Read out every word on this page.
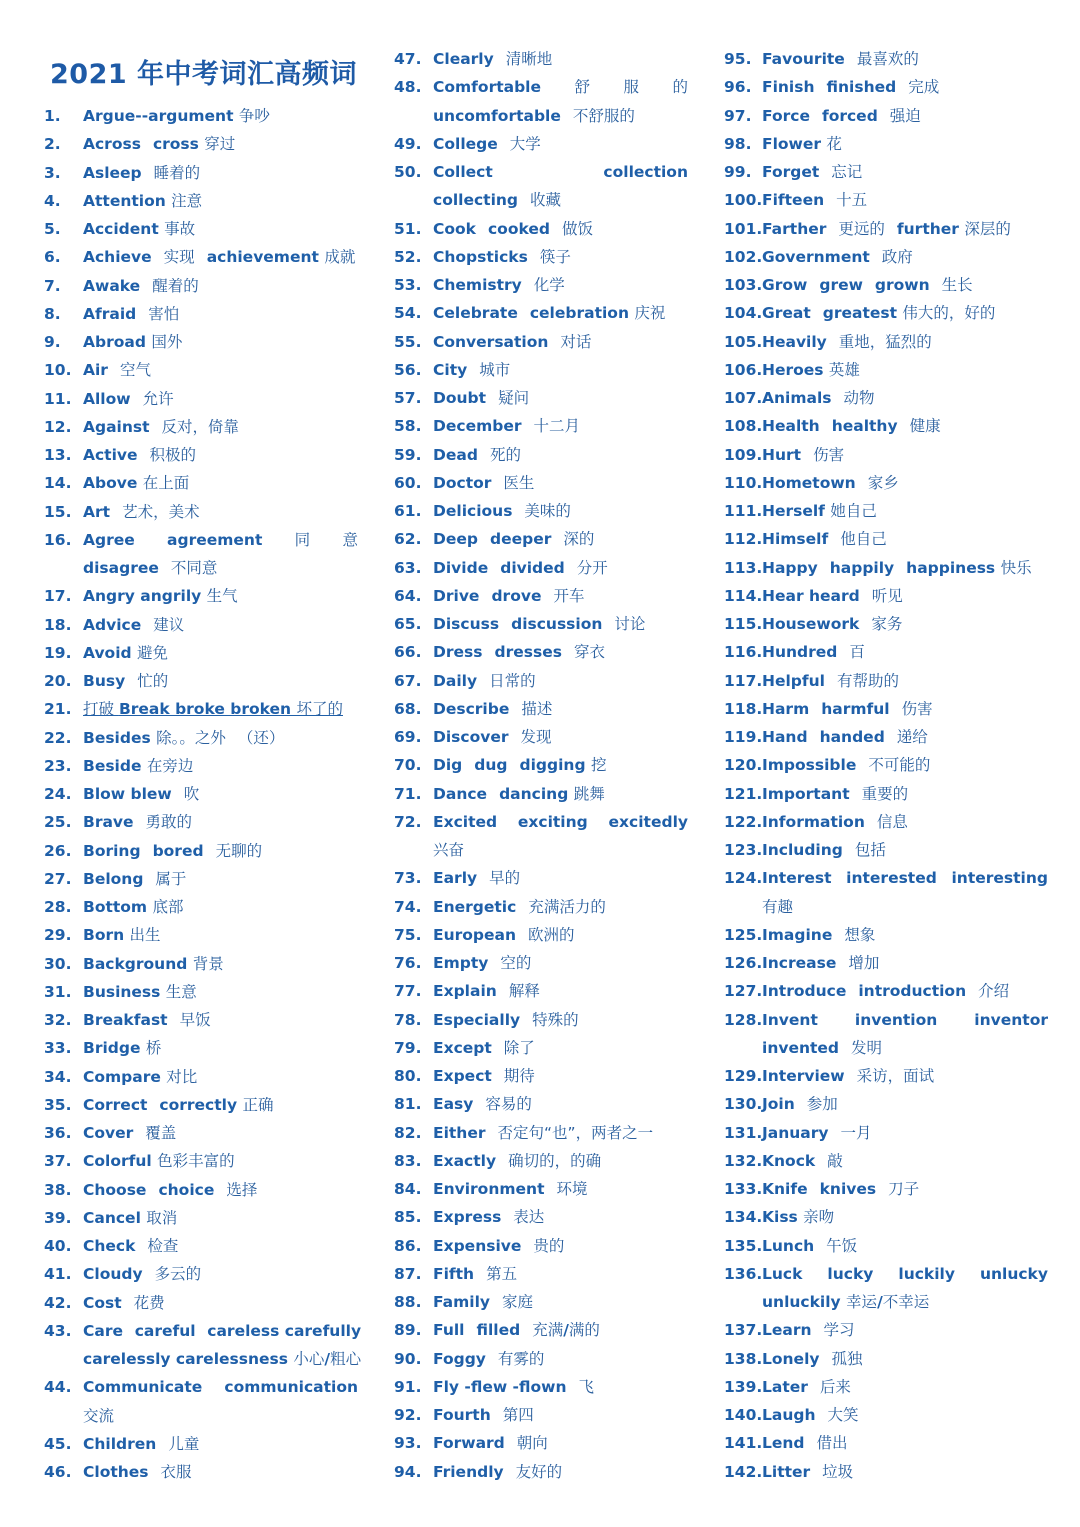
2021 年中考词汇高频词
1.	Argue--argument 争吵
2.	Across cross 穿过
3.	Asleep 睡着的
4.	Attention 注意
5.	Accident 事故
6.	Achieve 实现 achievement 成就
7.	Awake 醒着的
8.	Afraid 害怕
9.	Abroad 国外
10. Air 空气
11. Allow 允许
12. Against 反对，倚靠
13. Active 积极的
14. Above 在上面
15. Art 艺术，美术
16. Agree agreement 同 意
disagree 不同意
17. Angry angrily 生气
18. Advice 建议
19. Avoid 避免
20. Busy 忙的
21. 打破 Break broke broken 坏了的
22. Besides 除。。之外 （还）
23. Beside 在旁边
24. Blow blew 吹
25. Brave 勇敢的
26. Boring bored 无聊的
27. Belong 属于
28. Bottom 底部
29. Born 出生
30. Background 背景
31. Business 生意
32. Breakfast 早饭
33. Bridge 桥
34. Compare 对比
35. Correct correctly 正确
36. Cover 覆盖
37. Colorful 色彩丰富的
38. Choose choice 选择
39. Cancel 取消
40. Check 检查
41. Cloudy 多云的
42. Cost 花费
43. Care careful careless carefully
carelessly carelessness 小心/粗心
44. Communicate communication
交流
45. Children 儿童
46. Clothes 衣服
47. Clearly 清晰地
48. Comfortable 舒 服 的
uncomfortable 不舒服的
49. College 大学
50. Collect	collection
collecting 收藏
51. Cook cooked 做饭
52. Chopsticks 筷子
53. Chemistry 化学
54. Celebrate celebration 庆祝
55. Conversation 对话
56. City 城市
57. Doubt 疑问
58. December 十二月
59. Dead 死的
60. Doctor 医生
61. Delicious 美味的
62. Deep deeper 深的
63. Divide divided 分开
64. Drive drove 开车
65. Discuss discussion 讨论
66. Dress dresses 穿衣
67. Daily 日常的
68. Describe 描述
69. Discover 发现
70. Dig dug digging 挖
71. Dance dancing 跳舞
72. Excited exciting excitedly
兴奋
73. Early 早的
74. Energetic 充满活力的
75. European 欧洲的
76. Empty 空的
77. Explain 解释
78. Especially 特殊的
79. Except 除了
80. Expect 期待
81. Easy 容易的
82. Either 否定句“也”，两者之一
83. Exactly 确切的，的确
84. Environment 环境
85. Express 表达
86. Expensive 贵的
87. Fifth 第五
88. Family 家庭
89. Full filled 充满/满的
90. Foggy 有雾的
91. Fly -flew -flown 飞
92. Fourth 第四
93. Forward 朝向
94. Friendly 友好的
95. Favourite 最喜欢的
96. Finish finished 完成
97. Force forced 强迫
98. Flower 花
99. Forget 忘记
100. Fifteen 十五
101. Farther 更远的 further 深层的
102. Government 政府
103. Grow grew grown 生长
104. Great greatest 伟大的，好的
105. Heavily 重地，猛烈的
106. Heroes 英雄
107. Animals 动物
108. Health healthy 健康
109. Hurt 伤害
110. Hometown 家乡
111. Herself 她自己
112. Himself 他自己
113. Happy happily happiness 快乐
114. Hear heard 听见
115. Housework 家务
116. Hundred 百
117. Helpful 有帮助的
118. Harm harmful 伤害
119. Hand handed 递给
120. Impossible 不可能的
121. Important 重要的
122. Information 信息
123. Including 包括
124. Interest interested interesting
有趣
125. Imagine 想象
126. Increase 增加
127. Introduce introduction 介绍
128. Invent invention inventor
invented 发明
129. Interview 采访，面试
130. Join 参加
131. January 一月
132. Knock 敲
133. Knife knives 刀子
134. Kiss 亲吻
135. Lunch 午饭
136. Luck lucky luckily unlucky
unluckily 幸运/不幸运
137. Learn 学习
138. Lonely 孤独
139. Later 后来
140. Laugh 大笑
141. Lend 借出
142. Litter 垃圾
